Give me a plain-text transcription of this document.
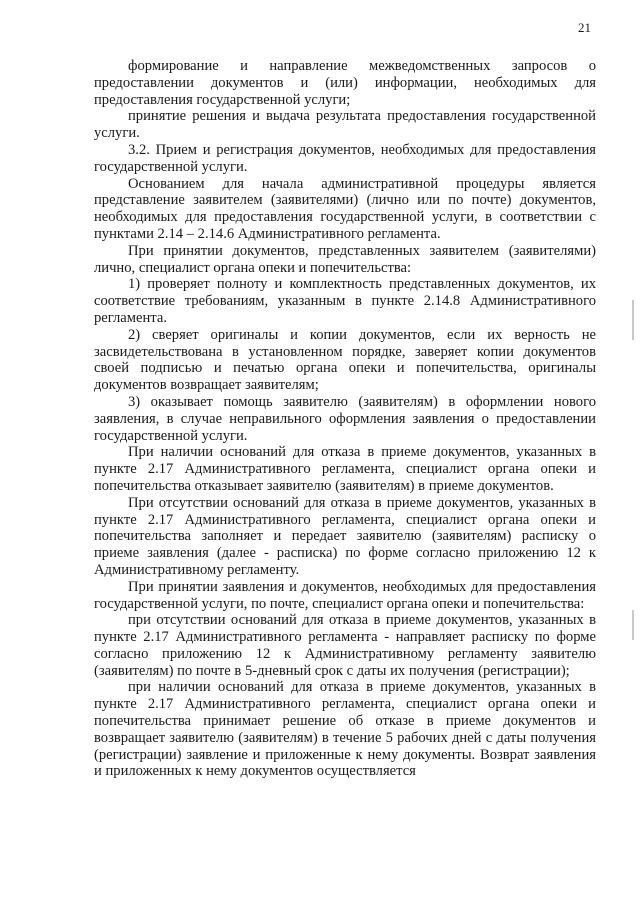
21

формирование и направление межведомственных запросов о предоставлении документов и (или) информации, необходимых для предоставления государственной услуги;

принятие решения и выдача результата предоставления государственной услуги.

3.2. Прием и регистрация документов, необходимых для предоставления государственной услуги.

Основанием для начала административной процедуры является представление заявителем (заявителями) (лично или по почте) документов, необходимых для предоставления государственной услуги, в соответствии с пунктами 2.14 – 2.14.6 Административного регламента.

При принятии документов, представленных заявителем (заявителями) лично, специалист органа опеки и попечительства:

1) проверяет полноту и комплектность представленных документов, их соответствие требованиям, указанным в пункте 2.14.8 Административного регламента.

2) сверяет оригиналы и копии документов, если их верность не засвидетельствована в установленном порядке, заверяет копии документов своей подписью и печатью органа опеки и попечительства, оригиналы документов возвращает заявителям;

3) оказывает помощь заявителю (заявителям) в оформлении нового заявления, в случае неправильного оформления заявления о предоставлении государственной услуги.

При наличии оснований для отказа в приеме документов, указанных в пункте 2.17 Административного регламента, специалист органа опеки и попечительства отказывает заявителю (заявителям) в приеме документов.

При отсутствии оснований для отказа в приеме документов, указанных в пункте 2.17 Административного регламента, специалист органа опеки и попечительства заполняет и передает заявителю (заявителям) расписку о приеме заявления (далее - расписка) по форме согласно приложению 12 к Административному регламенту.

При принятии заявления и документов, необходимых для предоставления государственной услуги, по почте, специалист органа опеки и попечительства:

при отсутствии оснований для отказа в приеме документов, указанных в пункте 2.17 Административного регламента - направляет расписку по форме согласно приложению 12 к Административному регламенту заявителю (заявителям) по почте в 5-дневный срок с даты их получения (регистрации);

при наличии оснований для отказа в приеме документов, указанных в пункте 2.17 Административного регламента, специалист органа опеки и попечительства принимает решение об отказе в приеме документов и возвращает заявителю (заявителям) в течение 5 рабочих дней с даты получения (регистрации) заявление и приложенные к нему документы. Возврат заявления и приложенных к нему документов осуществляется
